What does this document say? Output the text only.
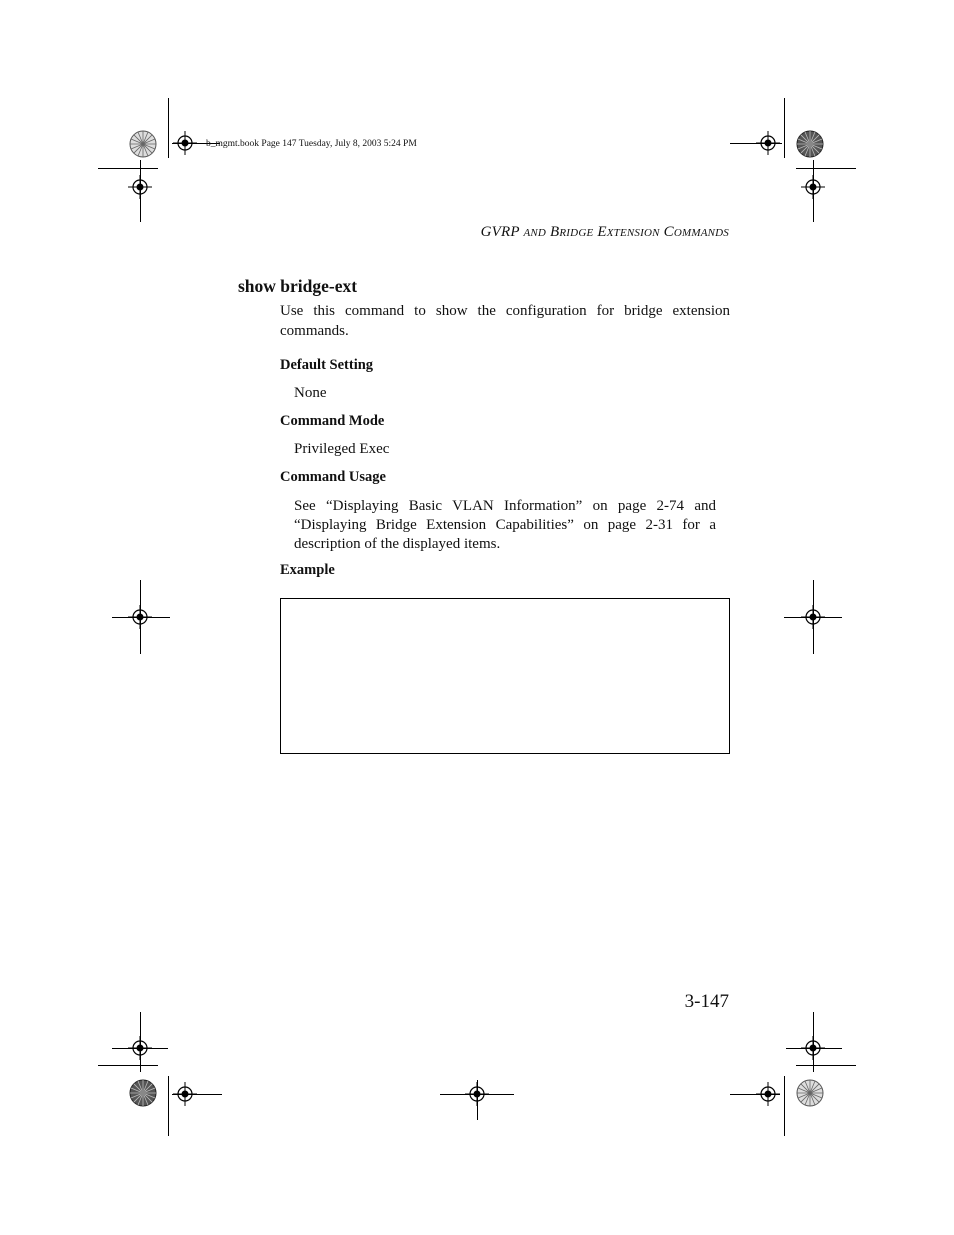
b_mgmt.book Page 147 Tuesday, July 8, 2003 5:24 PM
GVRP AND BRIDGE EXTENSION COMMANDS
show bridge-ext
Use this command to show the configuration for bridge extension commands.
Default Setting
None
Command Mode
Privileged Exec
Command Usage
See “Displaying Basic VLAN Information” on page 2-74 and “Displaying Bridge Extension Capabilities” on page 2-31 for a description of the displayed items.
Example
3-147
